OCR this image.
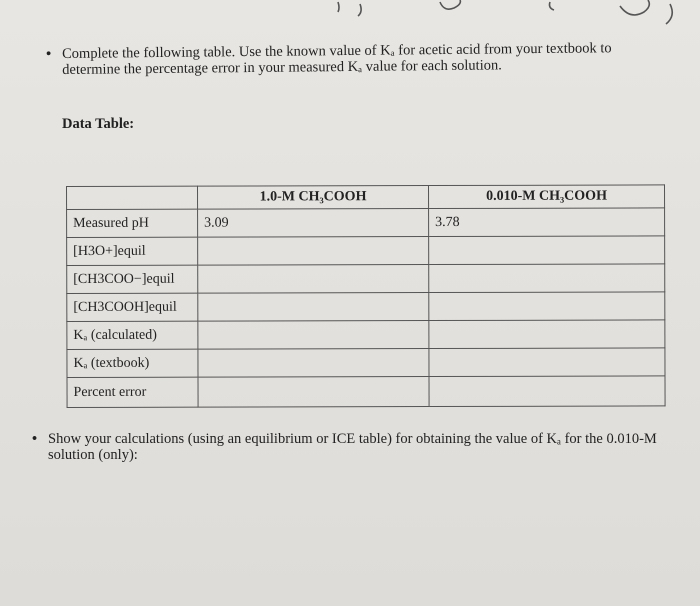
• Complete the following table. Use the known value of Kₐ for acetic acid from your textbook to determine the percentage error in your measured Kₐ value for each solution.
Data Table:
	1.0-M CH₃COOH	0.010-M CH₃COOH
Measured pH	3.09	3.78
[H3O+]equil		
[CH3COO−]equil		
[CH3COOH]equil		
Kₐ (calculated)		
Kₐ (textbook)		
Percent error		
• Show your calculations (using an equilibrium or ICE table) for obtaining the value of Kₐ for the 0.010-M solution (only):
